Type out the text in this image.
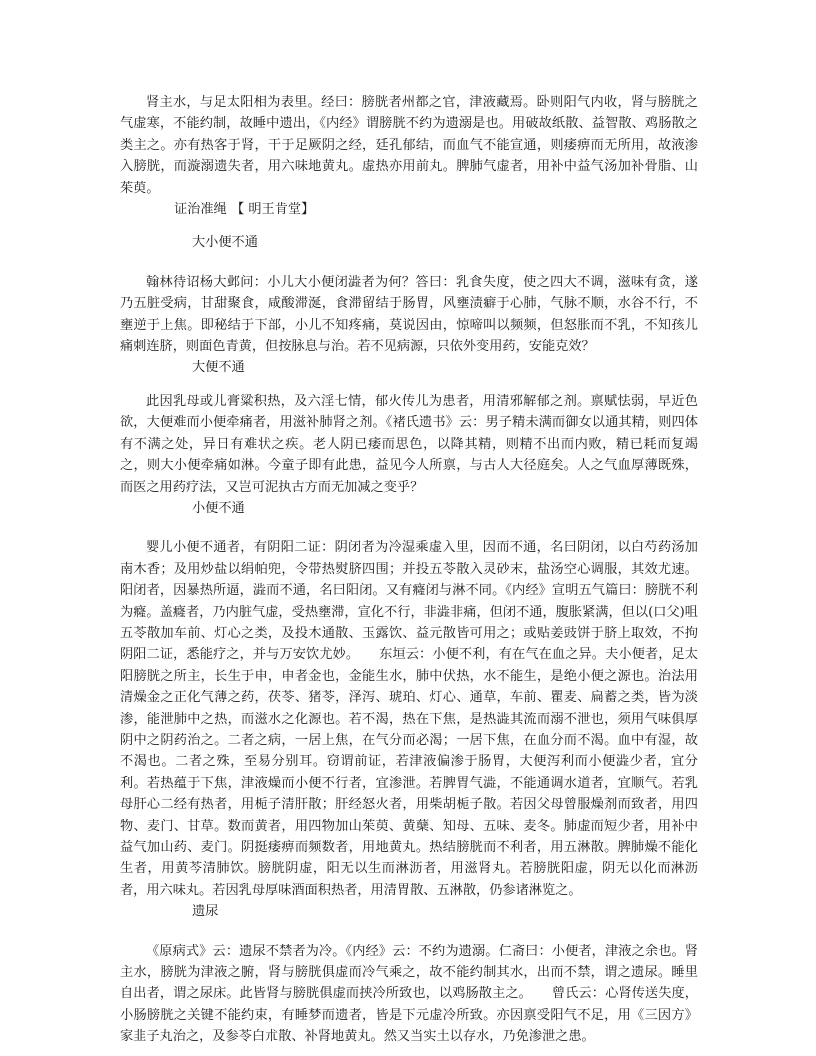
肾主水，与足太阳相为表里。经曰：膀胱者州都之官，津液藏焉。卧则阳气内收，肾与膀胱之气虚寒，不能约制，故睡中遗出，《内经》谓膀胱不约为遗溺是也。用破故纸散、益智散、鸡肠散之类主之。亦有热客于肾，干于足厥阴之经，廷孔郁结，而血气不能宣通，则痿痹而无所用，故液渗入膀胱，而漩溺遗失者，用六味地黄丸。虚热亦用前丸。脾肺气虚者，用补中益气汤加补骨脂、山茱萸。

证治准绳 【 明王肯堂】

大小便不通

翰林待诏杨大邺问：小儿大小便闭澁者为何？答曰：乳食失度，使之四大不调，滋味有贪，遂乃五脏受病，甘甜聚食，咸酸滞涎，食滞留结于肠胃，风壅渍癖于心肺，气脉不顺，水谷不行，不壅逆于上焦。即秘结于下部，小儿不知疼痛，莫说因由，惊啼叫以频频，但怒胀而不乳，不知孩儿痛刺连脐，则面色青黄，但按脉息与治。若不见病源，只依外变用药，安能克效？

大便不通

此因乳母或儿膏粱积热，及六淫七情，郁火传儿为患者，用清邪解郁之剂。禀赋怯弱，早近色欲，大便难而小便牵痛者，用滋补肺肾之剂。《褚氏遗书》云：男子精未满而御女以通其精，则四体有不满之处，异日有难状之疾。老人阴已痿而思色，以降其精，则精不出而内败，精已耗而复竭之，则大小便牵痛如淋。今童子即有此患，益见今人所禀，与古人大径庭矣。人之气血厚薄既殊，而医之用药疗法，又岂可泥执古方而无加减之变乎？

小便不通

婴儿小便不通者，有阴阳二证：阴闭者为冷湿乘虚入里，因而不通，名曰阴闭，以白芍药汤加南木香；及用炒盐以绢帕兜，令带热熨脐四围；并投五苓散入灵砂末，盐汤空心调服，其效尤速。阳闭者，因暴热所逼，澁而不通，名曰阳闭。又有癃闭与淋不同。《内经》宣明五气篇曰：膀胱不利为癃。盖癃者，乃内脏气虚，受热壅滞，宣化不行，非澁非痛，但闭不通，腹胀紧满，但以(口父)咀五苓散加车前、灯心之类，及投木通散、玉露饮、益元散皆可用之；或贴姜豉饼于脐上取效，不拘阴阳二证，悉能疗之，并与万安饮尤妙。　　东垣云：小便不利，有在气在血之异。夫小便者，足太阳膀胱之所主，长生于申，申者金也，金能生水，肺中伏热，水不能生，是绝小便之源也。治法用清燥金之正化气薄之药，茯苓、猪苓，泽泻、琥珀、灯心、通草，车前、瞿麦、扁蓄之类，皆为淡渗，能泄肺中之热，而滋水之化源也。若不渴，热在下焦，是热澁其流而溺不泄也，须用气味俱厚阴中之阴药治之。二者之病，一居上焦，在气分而必渴；一居下焦，在血分而不渴。血中有湿，故不渴也。二者之殊，至易分别耳。窃谓前证，若津液偏渗于肠胃，大便泻利而小便澁少者，宜分利。若热蕴于下焦，津液燥而小便不行者，宜渗泄。若脾胃气澁，不能通调水道者，宜顺气。若乳母肝心二经有热者，用栀子清肝散；肝经怒火者，用柴胡栀子散。若因父母曾服燥剂而致者，用四物、麦门、甘草。数而黄者，用四物加山茱萸、黄蘖、知母、五味、麦冬。肺虚而短少者，用补中益气加山药、麦门。阴挺痿痹而频数者，用地黄丸。热结膀胱而不利者，用五淋散。脾肺燥不能化生者，用黄芩清肺饮。膀胱阴虚，阳无以生而淋沥者，用滋肾丸。若膀胱阳虚，阴无以化而淋沥者，用六味丸。若因乳母厚味酒面积热者，用清胃散、五淋散，仍参诸淋览之。

遗尿

《原病式》云：遗尿不禁者为冷。《内经》云：不约为遗溺。仁斋曰：小便者，津液之余也。肾主水，膀胱为津液之腑，肾与膀胱俱虚而冷气乘之，故不能约制其水，出而不禁，谓之遗尿。睡里自出者，谓之尿床。此皆肾与膀胱俱虚而挟冷所致也，以鸡肠散主之。　　曾氏云：心肾传送失度，小肠膀胱之关键不能约束，有睡梦而遗者，皆是下元虚冷所致。亦因禀受阳气不足，用《三因方》家韭子丸治之，及参苓白朮散、补肾地黄丸。然又当实土以存水，乃免渗泄之患。
